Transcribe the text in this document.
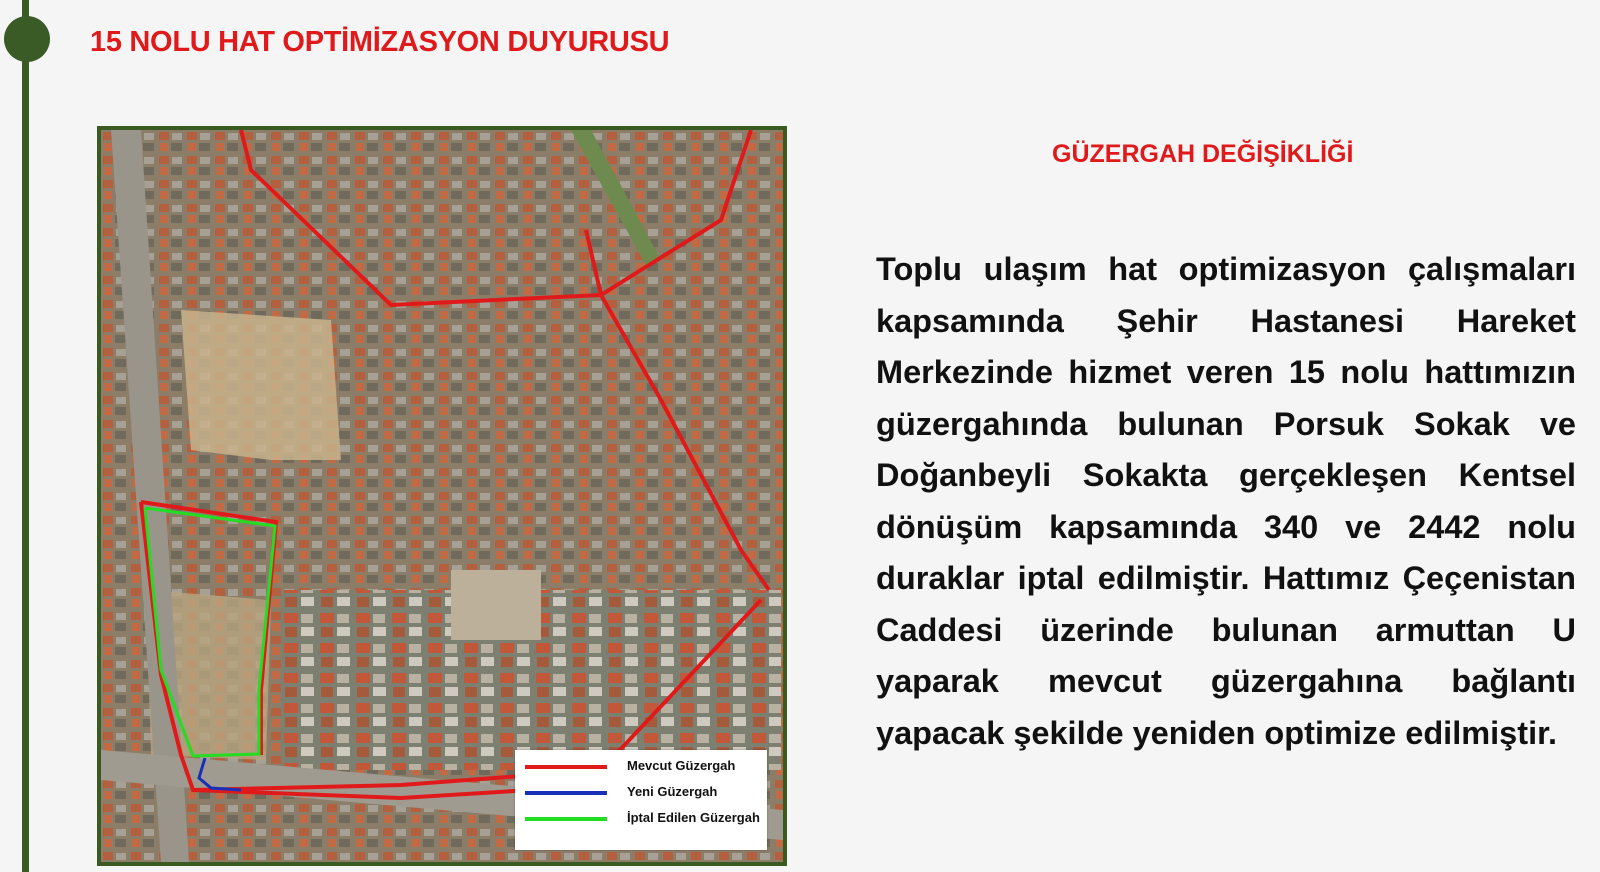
15 NOLU HAT OPTİMİZASYON DUYURUSU
Mevcut Güzergah
Yeni Güzergah
İptal Edilen Güzergah
GÜZERGAH DEĞİŞİKLİĞİ
Toplu ulaşım hat optimizasyon çalışmaları kapsamında Şehir Hastanesi Hareket Merkezinde hizmet veren 15 nolu hattımızın güzergahında bulunan Porsuk Sokak ve Doğanbeyli Sokakta gerçekleşen Kentsel dönüşüm kapsamında 340 ve 2442 nolu duraklar iptal edilmiştir. Hattımız Çeçenistan Caddesi üzerinde bulunan armuttan U yaparak mevcut güzergahına bağlantı yapacak şekilde yeniden optimize edilmiştir.
